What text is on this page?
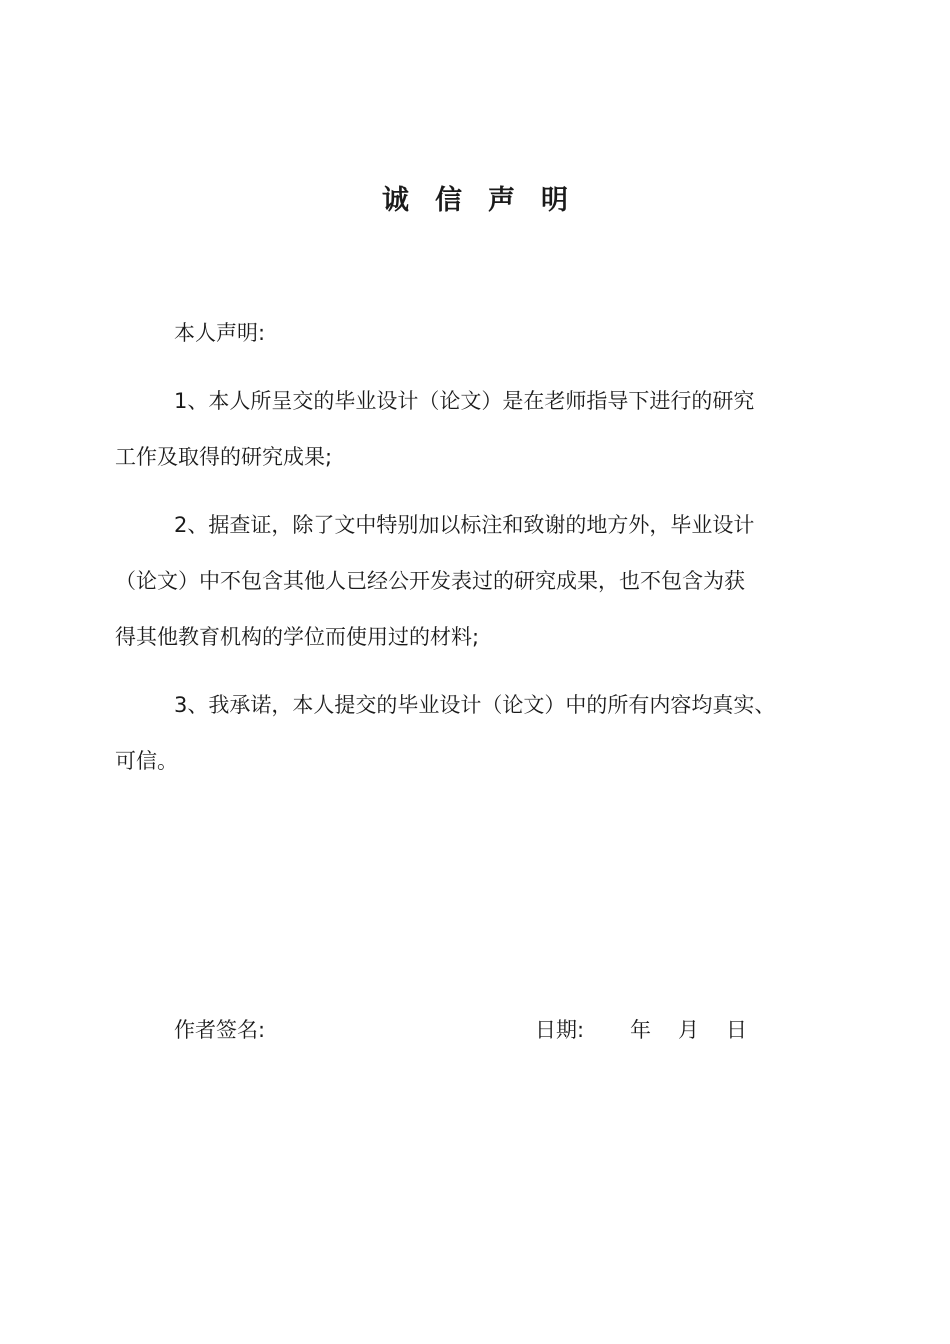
诚信声明
本人声明:
1、本人所呈交的毕业设计（论文）是在老师指导下进行的研究
工作及取得的研究成果;
2、据查证，除了文中特别加以标注和致谢的地方外，毕业设计
（论文）中不包含其他人已经公开发表过的研究成果，也不包含为获
得其他教育机构的学位而使用过的材料;
3、我承诺，本人提交的毕业设计（论文）中的所有内容均真实、
可信。
作者签名:	日期: 年 月 日
